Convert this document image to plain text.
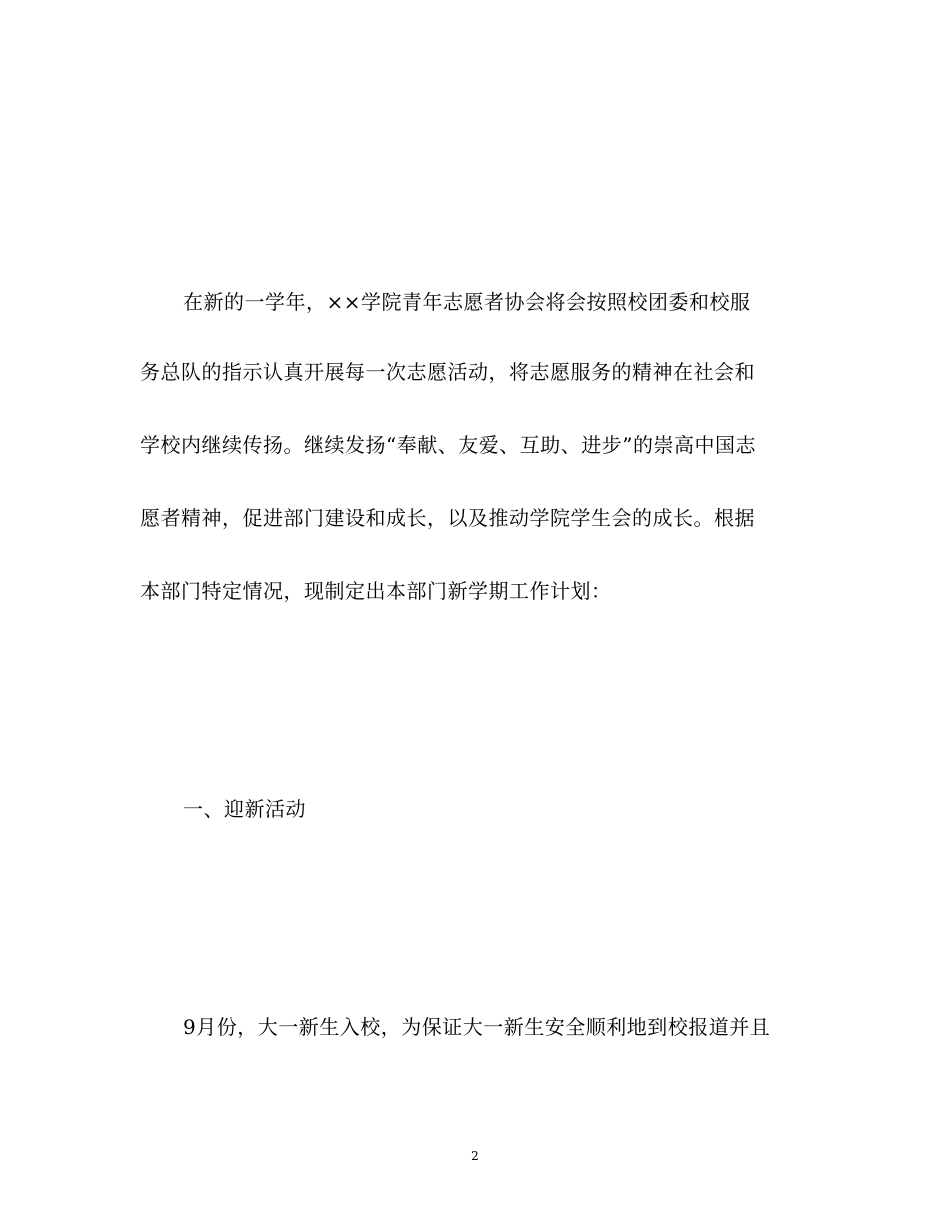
在新的一学年，××学院青年志愿者协会将会按照校团委和校服
务总队的指示认真开展每一次志愿活动，将志愿服务的精神在社会和
学校内继续传扬。继续发扬“奉献、友爱、互助、进步”的崇高中国志
愿者精神，促进部门建设和成长，以及推动学院学生会的成长。根据
本部门特定情况，现制定出本部门新学期工作计划：
一、迎新活动
9月份，大一新生入校，为保证大一新生安全顺利地到校报道并且
2
